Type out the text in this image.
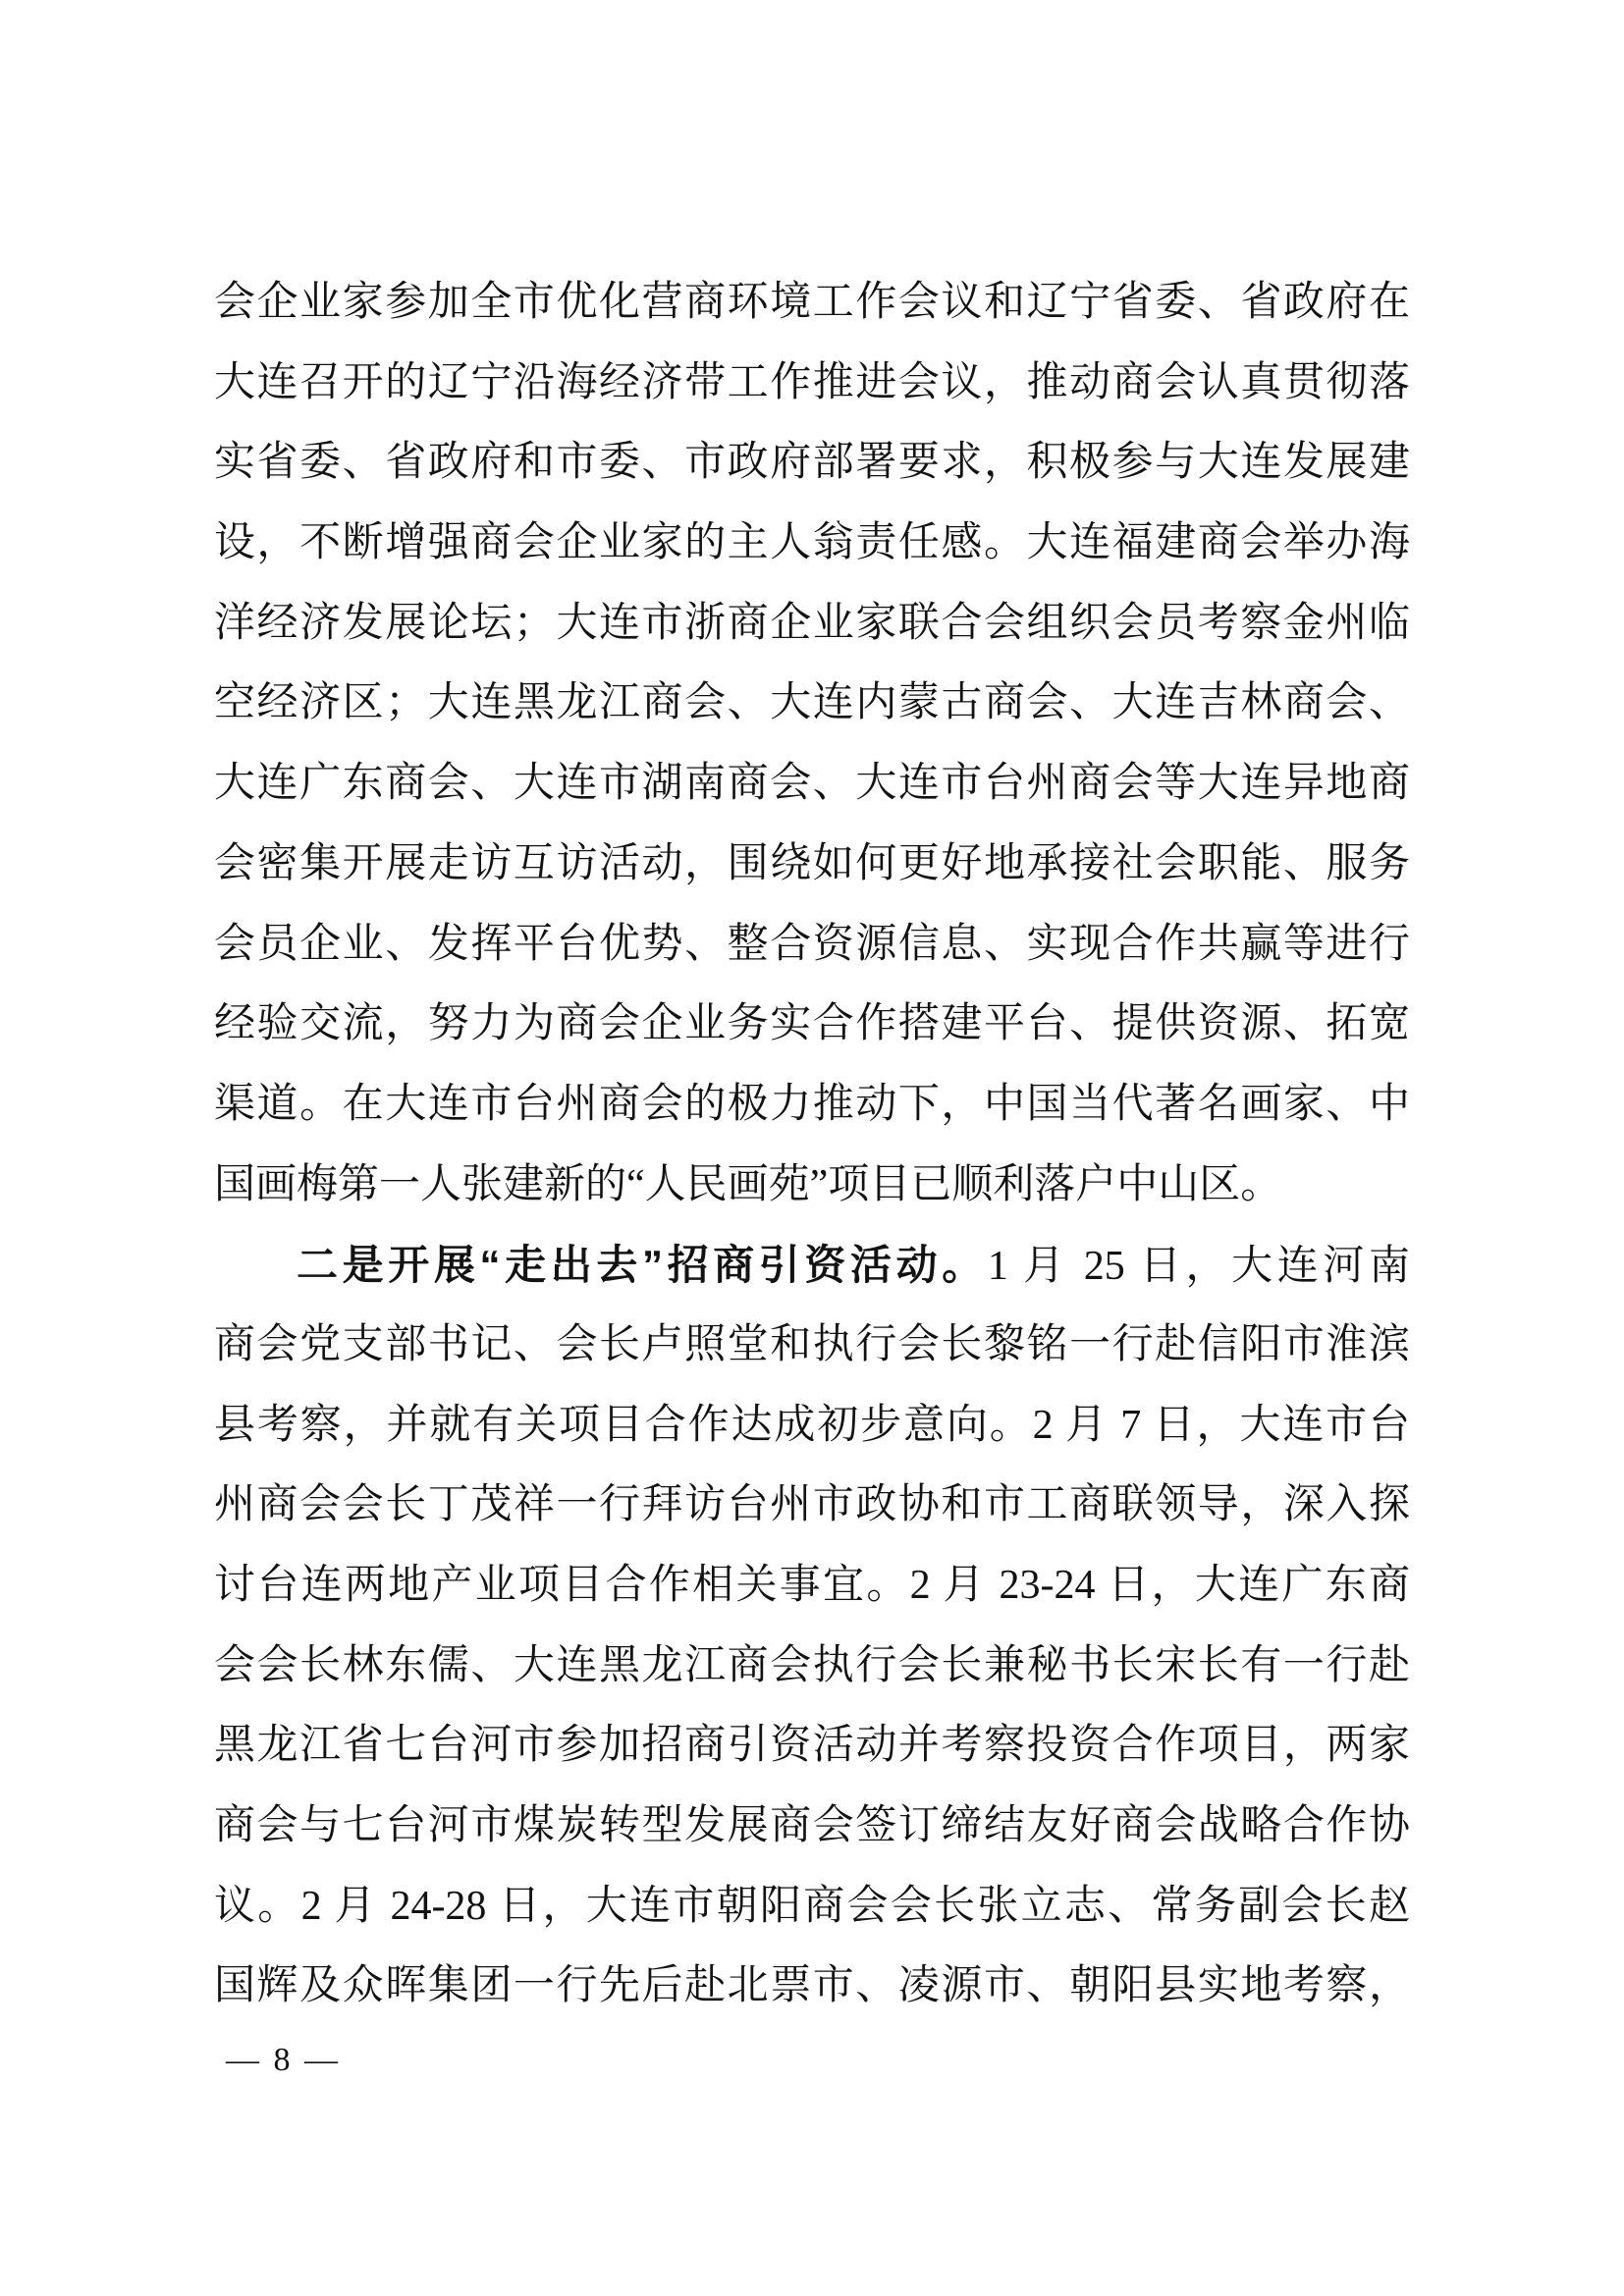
会企业家参加全市优化营商环境工作会议和辽宁省委、省政府在
大连召开的辽宁沿海经济带工作推进会议，推动商会认真贯彻落
实省委、省政府和市委、市政府部署要求，积极参与大连发展建
设，不断增强商会企业家的主人翁责任感。大连福建商会举办海
洋经济发展论坛；大连市浙商企业家联合会组织会员考察金州临
空经济区；大连黑龙江商会、大连内蒙古商会、大连吉林商会、
大连广东商会、大连市湖南商会、大连市台州商会等大连异地商
会密集开展走访互访活动，围绕如何更好地承接社会职能、服务
会员企业、发挥平台优势、整合资源信息、实现合作共赢等进行
经验交流，努力为商会企业务实合作搭建平台、提供资源、拓宽
渠道。在大连市台州商会的极力推动下，中国当代著名画家、中
国画梅第一人张建新的“人民画苑”项目已顺利落户中山区。
二是开展“走出去”招商引资活动。1 月 25 日，大连河南
商会党支部书记、会长卢照堂和执行会长黎铭一行赴信阳市淮滨
县考察，并就有关项目合作达成初步意向。2 月 7 日，大连市台
州商会会长丁茂祥一行拜访台州市政协和市工商联领导，深入探
讨台连两地产业项目合作相关事宜。2 月 23-24 日，大连广东商
会会长林东儒、大连黑龙江商会执行会长兼秘书长宋长有一行赴
黑龙江省七台河市参加招商引资活动并考察投资合作项目，两家
商会与七台河市煤炭转型发展商会签订缔结友好商会战略合作协
议。2 月 24-28 日，大连市朝阳商会会长张立志、常务副会长赵
国辉及众晖集团一行先后赴北票市、凌源市、朝阳县实地考察，
— 8 —
